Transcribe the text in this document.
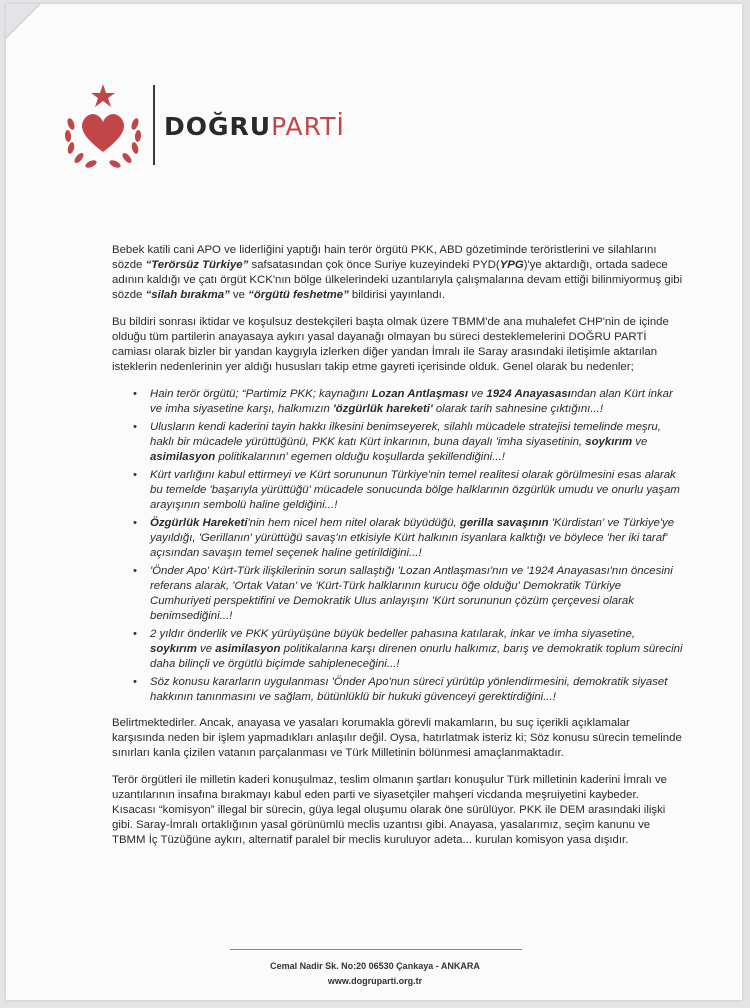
DOĞRUPARTİ

Bebek katili cani APO ve liderliğini yaptığı hain terör örgütü PKK, ABD gözetiminde teröristlerini ve silahlarını sözde “Terörsüz Türkiye” safsatasından çok önce Suriye kuzeyindeki PYD(YPG)'ye aktardığı, ortada sadece adının kaldığı ve çatı örgüt KCK'nın bölge ülkelerindeki uzantılarıyla çalışmalarına devam ettiği bilinmiyormuş gibi sözde “silah bırakma” ve “örgütü feshetme” bildirisi yayınlandı.

Bu bildiri sonrası iktidar ve koşulsuz destekçileri başta olmak üzere TBMM'de ana muhalefet CHP'nin de içinde olduğu tüm partilerin anayasaya aykırı yasal dayanağı olmayan bu süreci desteklemelerini DOĞRU PARTİ camiası olarak bizler bir yandan kaygıyla izlerken diğer yandan İmralı ile Saray arasındaki iletişimle aktarılan isteklerin nedenlerinin yer aldığı hususları takip etme gayreti içerisinde olduk. Genel olarak bu nedenler;

• Hain terör örgütü; “Partimiz PKK; kaynağını Lozan Antlaşması ve 1924 Anayasasından alan Kürt inkar ve imha siyasetine karşı, halkımızın 'özgürlük hareketi' olarak tarih sahnesine çıktığını...!
• Ulusların kendi kaderini tayin hakkı ilkesini benimseyerek, silahlı mücadele stratejisi temelinde meşru, haklı bir mücadele yürüttüğünü, PKK katı Kürt inkarının, buna dayalı 'imha siyasetinin, soykırım ve asimilasyon politikalarının' egemen olduğu koşullarda şekillendiğini...!
• Kürt varlığını kabul ettirmeyi ve Kürt sorununun Türkiye'nin temel realitesi olarak görülmesini esas alarak bu temelde 'başarıyla yürüttüğü' mücadele sonucunda bölge halklarının özgürlük umudu ve onurlu yaşam arayışının sembolü haline geldiğini...!
• Özgürlük Hareketi'nin hem nicel hem nitel olarak büyüdüğü, gerilla savaşının 'Kürdistan' ve Türkiye'ye yayıldığı, 'Gerillanın' yürüttüğü savaş'ın etkisiyle Kürt halkının isyanlara kalktığı ve böylece 'her iki taraf' açısından savaşın temel seçenek haline getirildiğini...!
• 'Önder Apo' Kürt-Türk ilişkilerinin sorun sallaştığı 'Lozan Antlaşması'nın ve '1924 Anayasası'nın öncesini referans alarak, 'Ortak Vatan' ve 'Kürt-Türk halklarının kurucu öğe olduğu' Demokratik Türkiye Cumhuriyeti perspektifini ve Demokratik Ulus anlayışını 'Kürt sorununun çözüm çerçevesi olarak benimsediğini...!
• 2 yıldır önderlik ve PKK yürüyüşüne büyük bedeller pahasına katılarak, inkar ve imha siyasetine, soykırım ve asimilasyon politikalarına karşı direnen onurlu halkımız, barış ve demokratik toplum sürecini daha bilinçli ve örgütlü biçimde sahipleneceğini...!
• Söz konusu kararların uygulanması 'Önder Apo'nun süreci yürütüp yönlendirmesini, demokratik siyaset hakkının tanınmasını ve sağlam, bütünlüklü bir hukuki güvenceyi gerektirdiğini...!

Belirtmektedirler. Ancak, anayasa ve yasaları korumakla görevli makamların, bu suç içerikli açıklamalar karşısında neden bir işlem yapmadıkları anlaşılır değil. Oysa, hatırlatmak isteriz ki; Söz konusu sürecin temelinde sınırları kanla çizilen vatanın parçalanması ve Türk Milletinin bölünmesi amaçlanmaktadır.

Terör örgütleri ile milletin kaderi konuşulmaz, teslim olmanın şartları konuşulur Türk milletinin kaderini İmralı ve uzantılarının insafına bırakmayı kabul eden parti ve siyasetçiler mahşeri vicdanda meşruiyetini kaybeder. Kısacası “komisyon” illegal bir sürecin, güya legal oluşumu olarak öne sürülüyor. PKK ile DEM arasındaki ilişki gibi. Saray-İmralı ortaklığının yasal görünümlü meclis uzantısı gibi. Anayasa, yasalarımız, seçim kanunu ve TBMM İç Tüzüğüne aykırı, alternatif paralel bir meclis kuruluyor adeta... kurulan komisyon yasa dışıdır.

Cemal Nadir Sk. No:20 06530 Çankaya - ANKARA
www.dogruparti.org.tr
